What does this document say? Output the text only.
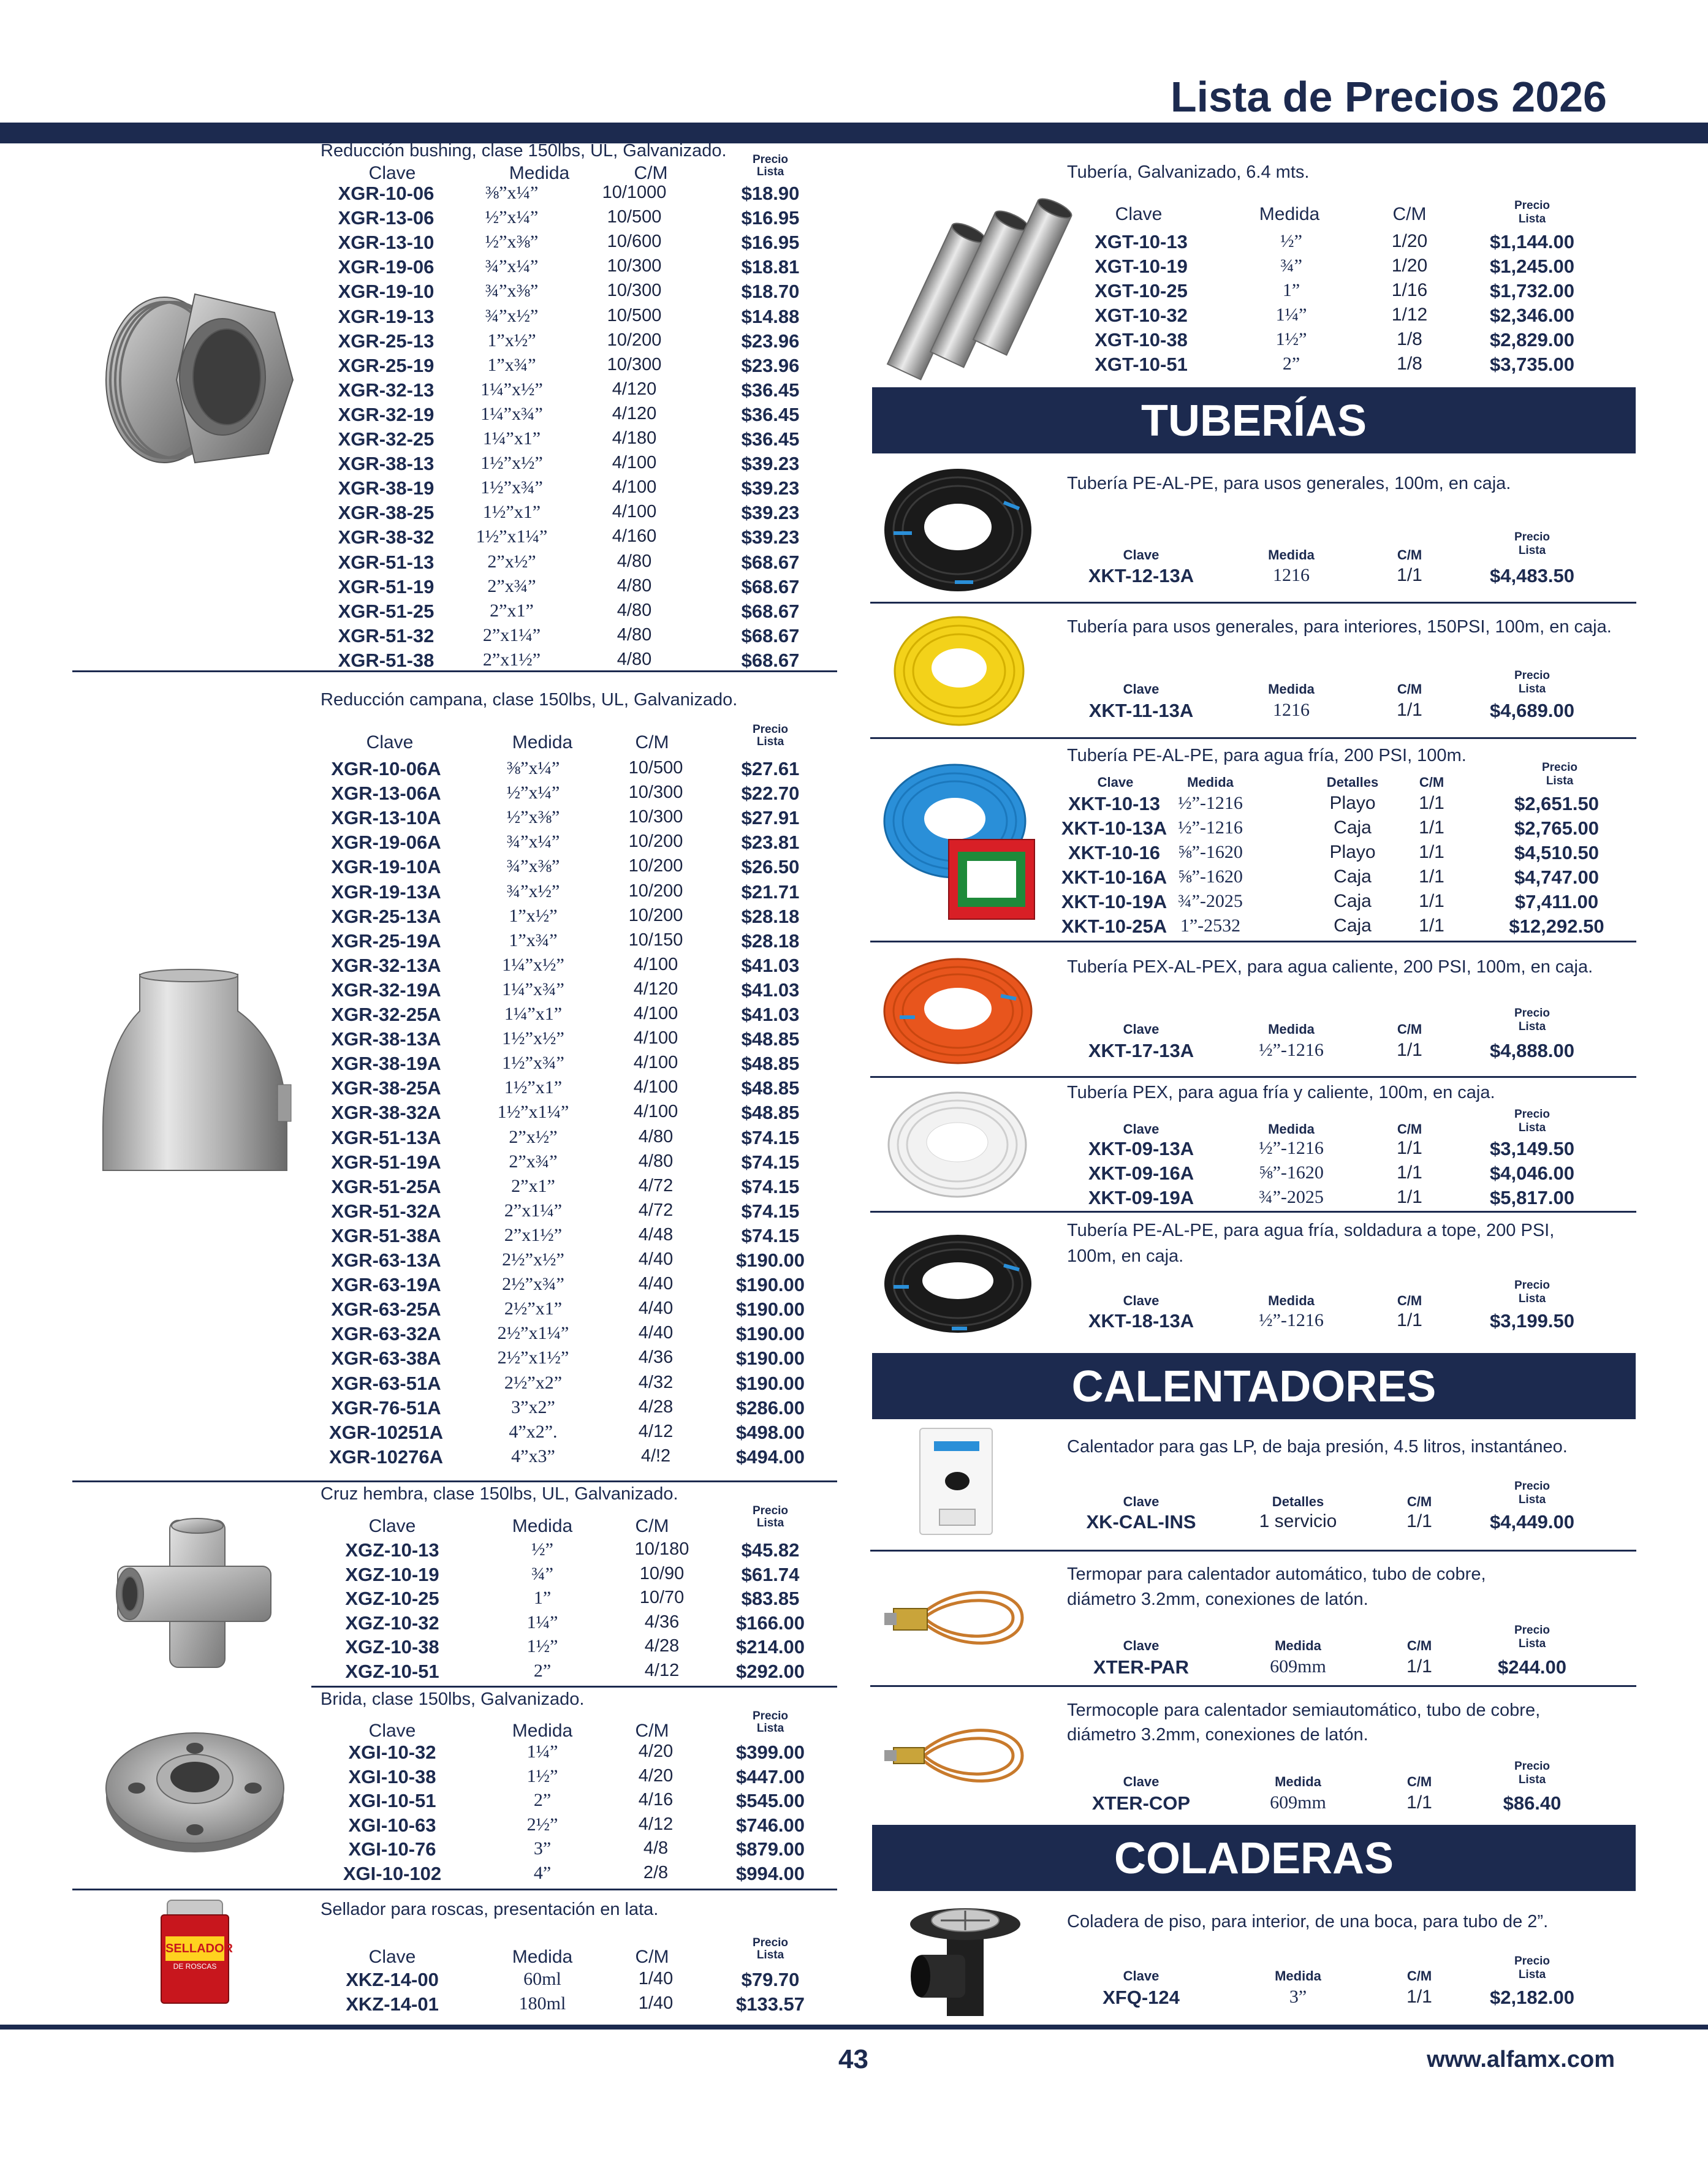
Lista de Precios 2026
TUBERÍAS
CALENTADORES
COLADERAS
43	www.alfamx.com
SELLADOR
DE ROSCAS
Reducción bushing, clase 150lbs, UL, Galvanizado.
Clave	Medida	C/M
Precio
Lista
XGR-10-06	⅜”x¼”	10/1000	$18.90
XGR-13-06	½”x¼”	10/500	$16.95
XGR-13-10	½”x⅜”	10/600	$16.95
XGR-19-06	¾”x¼”	10/300	$18.81
XGR-19-10	¾”x⅜”	10/300	$18.70
XGR-19-13	¾”x½”	10/500	$14.88
XGR-25-13	1”x½”	10/200	$23.96
XGR-25-19	1”x¾”	10/300	$23.96
XGR-32-13	1¼”x½”	4/120	$36.45
XGR-32-19	1¼”x¾”	4/120	$36.45
XGR-32-25	1¼”x1”	4/180	$36.45
XGR-38-13	1½”x½”	4/100	$39.23
XGR-38-19	1½”x¾”	4/100	$39.23
XGR-38-25	1½”x1”	4/100	$39.23
XGR-38-32 1½”x1¼”	4/160	$39.23
XGR-51-13	2”x½”	4/80	$68.67
XGR-51-19	2”x¾”	4/80	$68.67
XGR-51-25	2”x1”	4/80	$68.67
XGR-51-32	2”x1¼”	4/80	$68.67
XGR-51-38	2”x1½”	4/80	$68.67
Reducción campana, clase 150lbs, UL, Galvanizado.
Clave	Medida	C/M
Precio
Lista
XGR-10-06A	⅜”x¼”	10/500	$27.61
XGR-13-06A	½”x¼”	10/300	$22.70
XGR-13-10A	½”x⅜”	10/300	$27.91
XGR-19-06A	¾”x¼”	10/200	$23.81
XGR-19-10A	¾”x⅜”	10/200	$26.50
XGR-19-13A	¾”x½”	10/200	$21.71
XGR-25-13A	1”x½”	10/200	$28.18
XGR-25-19A	1”x¾”	10/150	$28.18
XGR-32-13A	1¼”x½”	4/100	$41.03
XGR-32-19A	1¼”x¾”	4/120	$41.03
XGR-32-25A	1¼”x1”	4/100	$41.03
XGR-38-13A	1½”x½”	4/100	$48.85
XGR-38-19A	1½”x¾”	4/100	$48.85
XGR-38-25A	1½”x1”	4/100	$48.85
XGR-38-32A	1½”x1¼”	4/100	$48.85
XGR-51-13A	2”x½”	4/80	$74.15
XGR-51-19A	2”x¾”	4/80	$74.15
XGR-51-25A	2”x1”	4/72	$74.15
XGR-51-32A	2”x1¼”	4/72	$74.15
XGR-51-38A	2”x1½”	4/48	$74.15
XGR-63-13A	2½”x½”	4/40	$190.00
XGR-63-19A	2½”x¾”	4/40	$190.00
XGR-63-25A	2½”x1”	4/40	$190.00
XGR-63-32A	2½”x1¼”	4/40	$190.00
XGR-63-38A	2½”x1½”	4/36	$190.00
XGR-63-51A	2½”x2”	4/32	$190.00
XGR-76-51A	3”x2”	4/28	$286.00
XGR-10251A	4”x2”.	4/12	$498.00
XGR-10276A	4”x3”	4/!2	$494.00
Cruz hembra, clase 150lbs, UL, Galvanizado.
Clave	Medida	C/M
Precio
Lista
XGZ-10-13	½”	10/180	$45.82
XGZ-10-19	¾”	10/90	$61.74
XGZ-10-25	1”	10/70	$83.85
XGZ-10-32	1¼”	4/36	$166.00
XGZ-10-38	1½”	4/28	$214.00
XGZ-10-51	2”	4/12	$292.00
Brida, clase 150lbs, Galvanizado.
Clave	Medida	C/M
Precio
Lista
XGI-10-32	1¼”	4/20	$399.00
XGI-10-38	1½”	4/20	$447.00
XGI-10-51	2”	4/16	$545.00
XGI-10-63	2½”	4/12	$746.00
XGI-10-76	3”	4/8	$879.00
XGI-10-102	4”	2/8	$994.00
Sellador para roscas, presentación en lata.
Clave	Medida	C/M
Precio
Lista
XKZ-14-00	60ml	1/40	$79.70
XKZ-14-01	180ml	1/40	$133.57
Tubería, Galvanizado, 6.4 mts.
Clave	Medida	C/M	Precio
Lista
XGT-10-13	½”	1/20	$1,144.00
XGT-10-19	¾”	1/20	$1,245.00
XGT-10-25	1”	1/16	$1,732.00
XGT-10-32	1¼”	1/12	$2,346.00
XGT-10-38	1½”	1/8	$2,829.00
XGT-10-51	2”	1/8	$3,735.00
Tubería PE-AL-PE, para usos generales, 100m, en caja.
Clave	Medida	C/M
Precio
Lista
XKT-12-13A	1216	1/1	$4,483.50
Tubería para usos generales, para interiores, 150PSI, 100m, en caja.
Clave	Medida	C/M
Precio
Lista
XKT-11-13A	1216	1/1	$4,689.00
Tubería PE-AL-PE, para agua fría, 200 PSI, 100m.
Clave	Medida	Detalles	C/M
Precio
Lista
XKT-10-13 ½”-1216	Playo 1/1	$2,651.50
XKT-10-13A ½”-1216	Caja	1/1	$2,765.00
XKT-10-16 ⅝”-1620	Playo 1/1	$4,510.50
XKT-10-16A ⅝”-1620	Caja	1/1	$4,747.00
XKT-10-19A ¾”-2025	Caja	1/1	$7,411.00
XKT-10-25A 1”-2532	Caja	1/1	$12,292.50
Tubería PEX-AL-PEX, para agua caliente, 200 PSI, 100m, en caja.
Clave	Medida	C/M
Precio
Lista
XKT-17-13A	½”-1216	1/1	$4,888.00
Tubería PEX, para agua fría y caliente, 100m, en caja.
Clave	Medida	C/M
Precio
Lista
XKT-09-13A	½”-1216	1/1	$3,149.50
XKT-09-16A	⅝”-1620	1/1	$4,046.00
XKT-09-19A	¾”-2025	1/1	$5,817.00
Tubería PE-AL-PE, para agua fría, soldadura a tope, 200 PSI,
100m, en caja.
Clave	Medida	C/M
Precio
Lista
XKT-18-13A	½”-1216	1/1	$3,199.50
Calentador para gas LP, de baja presión, 4.5 litros, instantáneo.
Clave	Detalles	C/M
Precio
Lista
XK-CAL-INS	1 servicio	1/1	$4,449.00
Termopar para calentador automático, tubo de cobre,
diámetro 3.2mm, conexiones de latón.
Clave	Medida	C/M
Precio
Lista
XTER-PAR	609mm	1/1	$244.00
Termocople para calentador semiautomático, tubo de cobre,
diámetro 3.2mm, conexiones de latón.
Clave	Medida	C/M
Precio
Lista
XTER-COP	609mm	1/1	$86.40
Coladera de piso, para interior, de una boca, para tubo de 2”.
Clave	Medida	C/M
Precio
Lista
XFQ-124	3”	1/1	$2,182.00
